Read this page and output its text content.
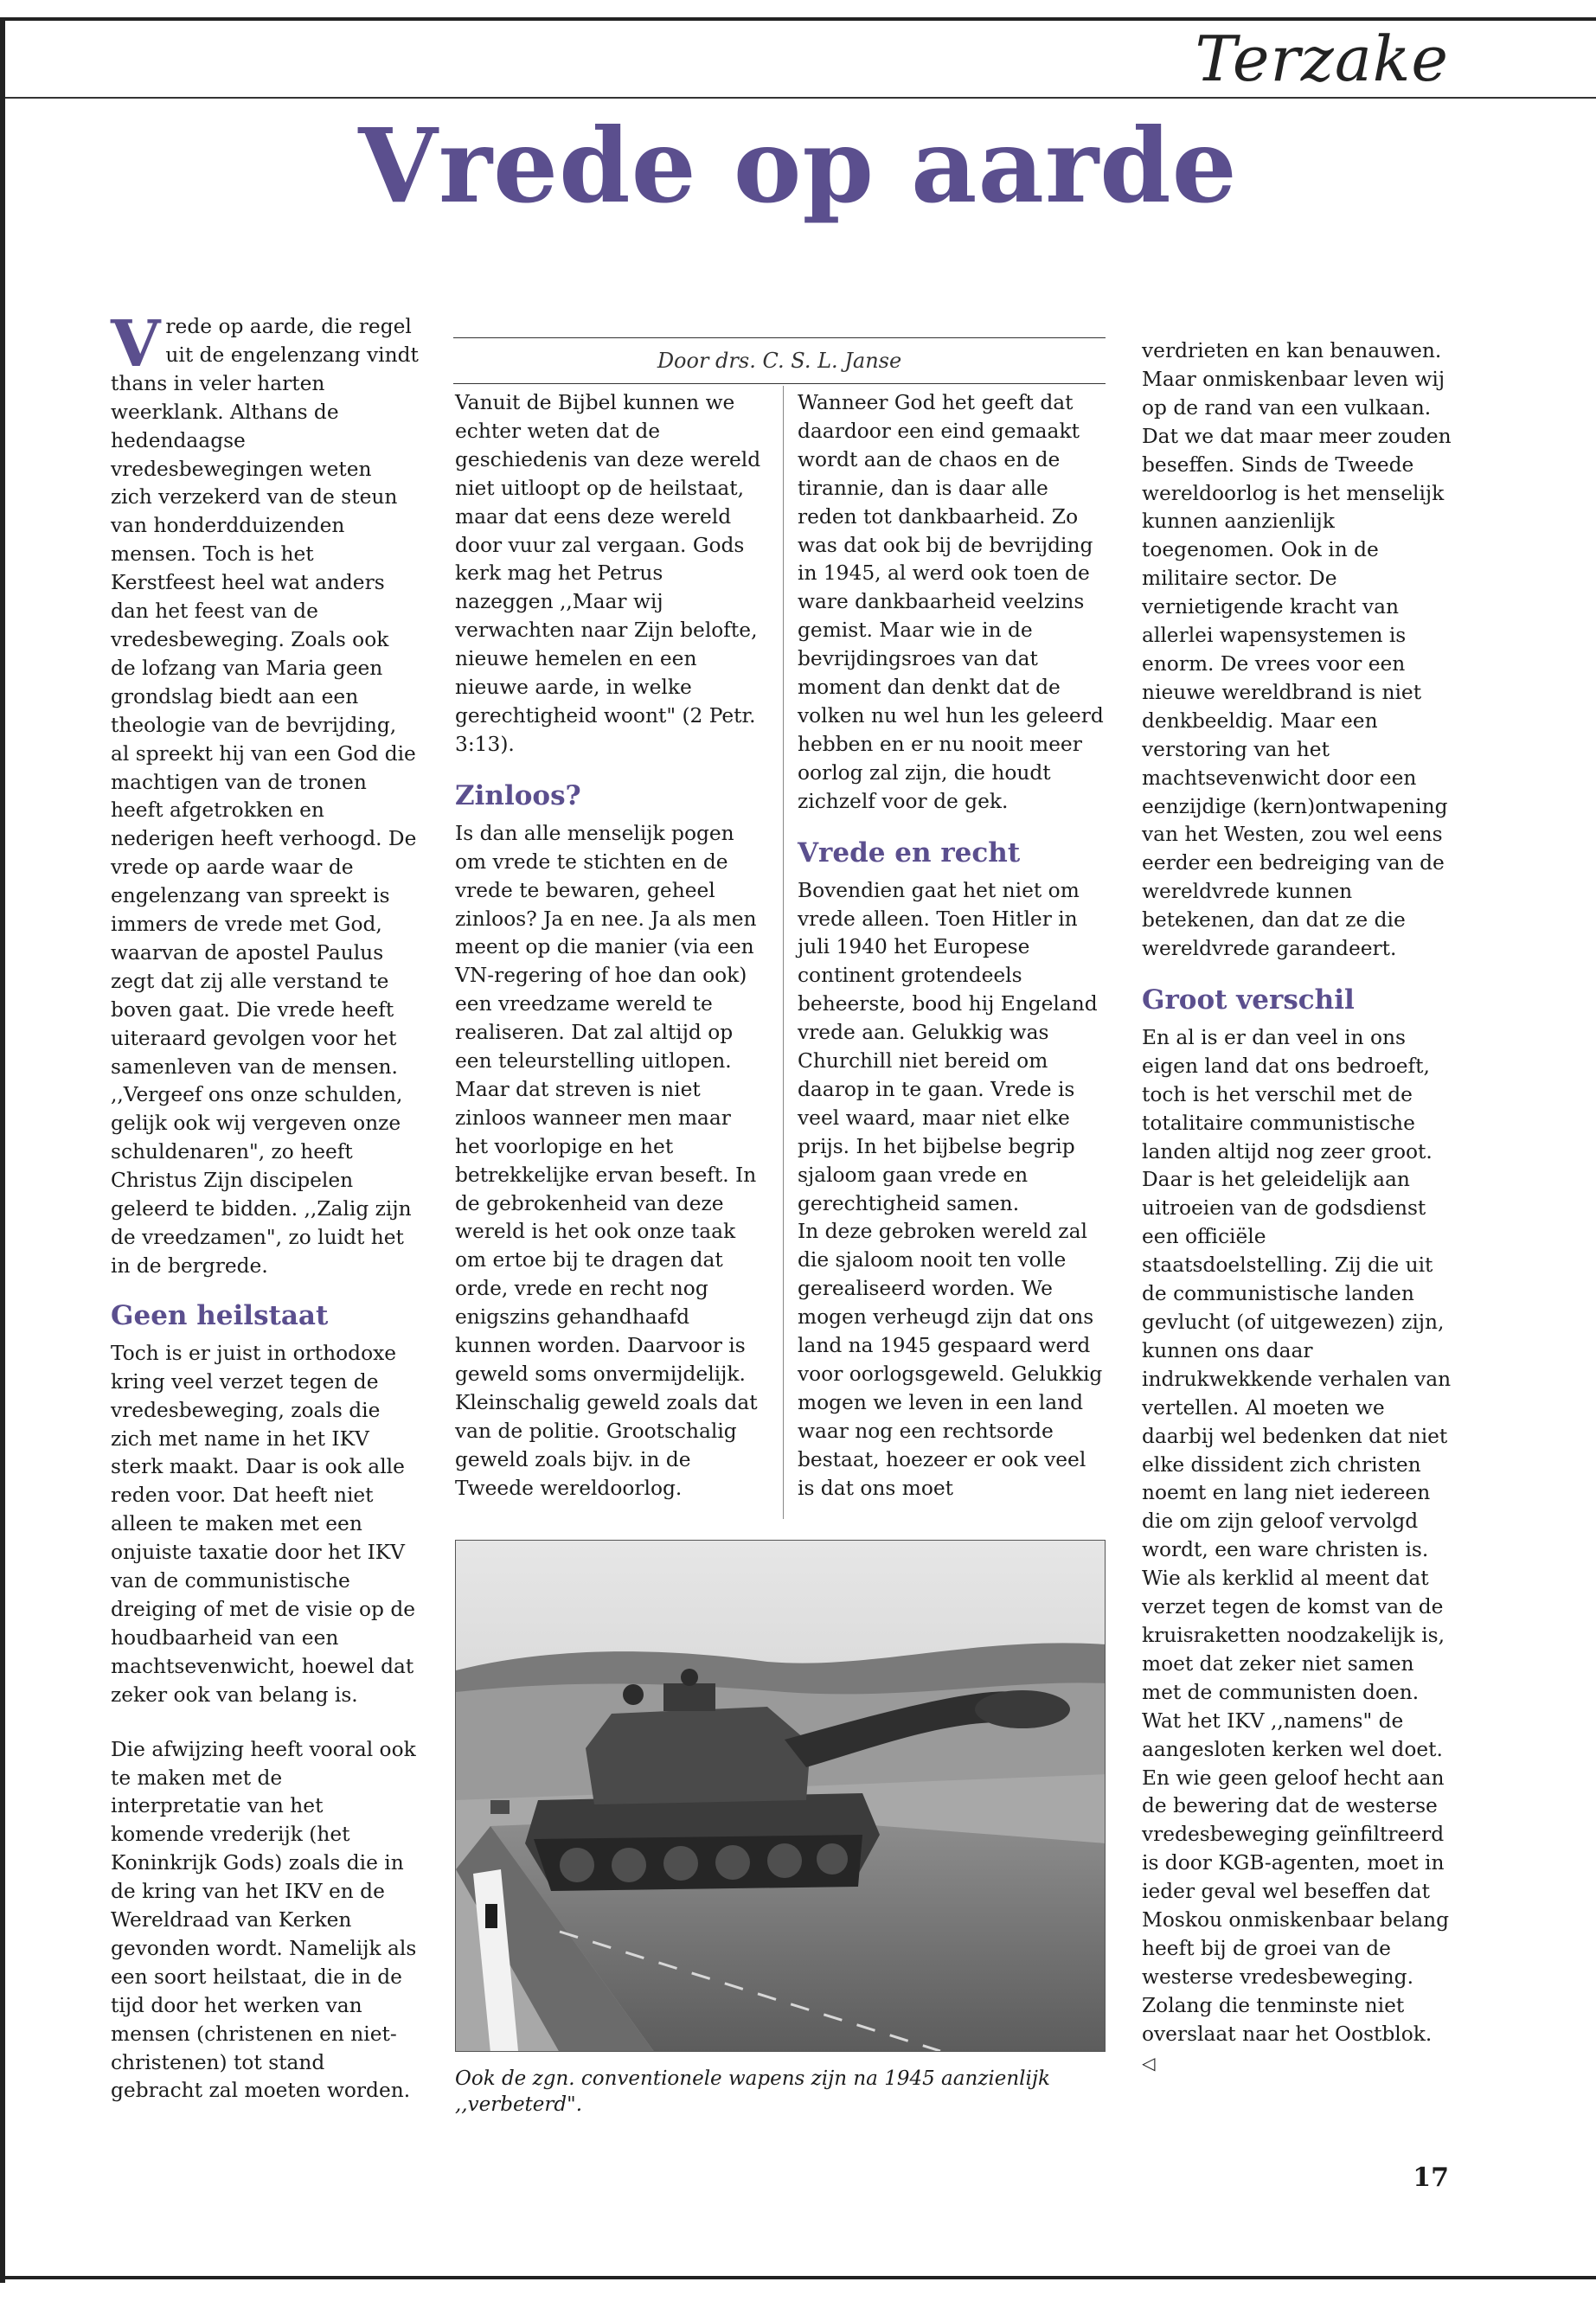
Terzake
Vrede op aarde

Vrede op aarde, die regel uit de engelenzang vindt thans in veler harten weerklank. Althans de hedendaagse vredesbewegingen weten zich verzekerd van de steun van honderdduizenden mensen. Toch is het Kerstfeest heel wat anders dan het feest van de vredesbeweging. Zoals ook de lofzang van Maria geen grondslag biedt aan een theologie van de bevrijding, al spreekt hij van een God die machtigen van de tronen heeft afgetrokken en nederigen heeft verhoogd. De vrede op aarde waar de engelenzang van spreekt is immers de vrede met God, waarvan de apostel Paulus zegt dat zij alle verstand te boven gaat. Die vrede heeft uiteraard gevolgen voor het samenleven van de mensen. ,,Vergeef ons onze schulden, gelijk ook wij vergeven onze schuldenaren", zo heeft Christus Zijn discipelen geleerd te bidden. ,,Zalig zijn de vreedzamen", zo luidt het in de bergrede.

Geen heilstaat

Toch is er juist in orthodoxe kring veel verzet tegen de vredesbeweging, zoals die zich met name in het IKV sterk maakt. Daar is ook alle reden voor. Dat heeft niet alleen te maken met een onjuiste taxatie door het IKV van de communistische dreiging of met de visie op de houdbaarheid van een machtsevenwicht, hoewel dat zeker ook van belang is.

Die afwijzing heeft vooral ook te maken met de interpretatie van het komende vrederijk (het Koninkrijk Gods) zoals die in de kring van het IKV en de Wereldraad van Kerken gevonden wordt. Namelijk als een soort heilstaat, die in de tijd door het werken van mensen (christenen en niet-christenen) tot stand gebracht zal moeten worden.

Door drs. C. S. L. Janse

Vanuit de Bijbel kunnen we echter weten dat de geschiedenis van deze wereld niet uitloopt op de heilstaat, maar dat eens deze wereld door vuur zal vergaan. Gods kerk mag het Petrus nazeggen ,,Maar wij verwachten naar Zijn belofte, nieuwe hemelen en een nieuwe aarde, in welke gerechtigheid woont" (2 Petr. 3:13).

Zinloos?

Is dan alle menselijk pogen om vrede te stichten en de vrede te bewaren, geheel zinloos? Ja en nee. Ja als men meent op die manier (via een VN-regering of hoe dan ook) een vreedzame wereld te realiseren. Dat zal altijd op een teleurstelling uitlopen. Maar dat streven is niet zinloos wanneer men maar het voorlopige en het betrekkelijke ervan beseft. In de gebrokenheid van deze wereld is het ook onze taak om ertoe bij te dragen dat orde, vrede en recht nog enigszins gehandhaafd kunnen worden. Daarvoor is geweld soms onvermijdelijk. Kleinschalig geweld zoals dat van de politie. Grootschalig geweld zoals bijv. in de Tweede wereldoorlog.

Wanneer God het geeft dat daardoor een eind gemaakt wordt aan de chaos en de tirannie, dan is daar alle reden tot dankbaarheid. Zo was dat ook bij de bevrijding in 1945, al werd ook toen de ware dankbaarheid veelzins gemist. Maar wie in de bevrijdingsroes van dat moment dan denkt dat de volken nu wel hun les geleerd hebben en er nu nooit meer oorlog zal zijn, die houdt zichzelf voor de gek.

Vrede en recht

Bovendien gaat het niet om vrede alleen. Toen Hitler in juli 1940 het Europese continent grotendeels beheerste, bood hij Engeland vrede aan. Gelukkig was Churchill niet bereid om daarop in te gaan. Vrede is veel waard, maar niet elke prijs. In het bijbelse begrip sjaloom gaan vrede en gerechtigheid samen.

In deze gebroken wereld zal die sjaloom nooit ten volle gerealiseerd worden. We mogen verheugd zijn dat ons land na 1945 gespaard werd voor oorlogsgeweld. Gelukkig mogen we leven in een land waar nog een rechtsorde bestaat, hoezeer er ook veel is dat ons moet

verdrieten en kan benauwen. Maar onmiskenbaar leven wij op de rand van een vulkaan. Dat we dat maar meer zouden beseffen. Sinds de Tweede wereldoorlog is het menselijk kunnen aanzienlijk toegenomen. Ook in de militaire sector. De vernietigende kracht van allerlei wapensystemen is enorm. De vrees voor een nieuwe wereldbrand is niet denkbeeldig. Maar een verstoring van het machtsevenwicht door een eenzijdige (kern)ontwapening van het Westen, zou wel eens eerder een bedreiging van de wereldvrede kunnen betekenen, dan dat ze die wereldvrede garandeert.

Groot verschil

En al is er dan veel in ons eigen land dat ons bedroeft, toch is het verschil met de totalitaire communistische landen altijd nog zeer groot. Daar is het geleidelijk aan uitroeien van de godsdienst een officiële staatsdoelstelling. Zij die uit de communistische landen gevlucht (of uitgewezen) zijn, kunnen ons daar indrukwekkende verhalen van vertellen. Al moeten we daarbij wel bedenken dat niet elke dissident zich christen noemt en lang niet iedereen die om zijn geloof vervolgd wordt, een ware christen is. Wie als kerklid al meent dat verzet tegen de komst van de kruisraketten noodzakelijk is, moet dat zeker niet samen met de communisten doen. Wat het IKV ,,namens" de aangesloten kerken wel doet. En wie geen geloof hecht aan de bewering dat de westerse vredesbeweging geïnfiltreerd is door KGB-agenten, moet in ieder geval wel beseffen dat Moskou onmiskenbaar belang heeft bij de groei van de westerse vredesbeweging. Zolang die tenminste niet overslaat naar het Oostblok. ◁

Ook de zgn. conventionele wapens zijn na 1945 aanzienlijk ,,verbeterd".
17
